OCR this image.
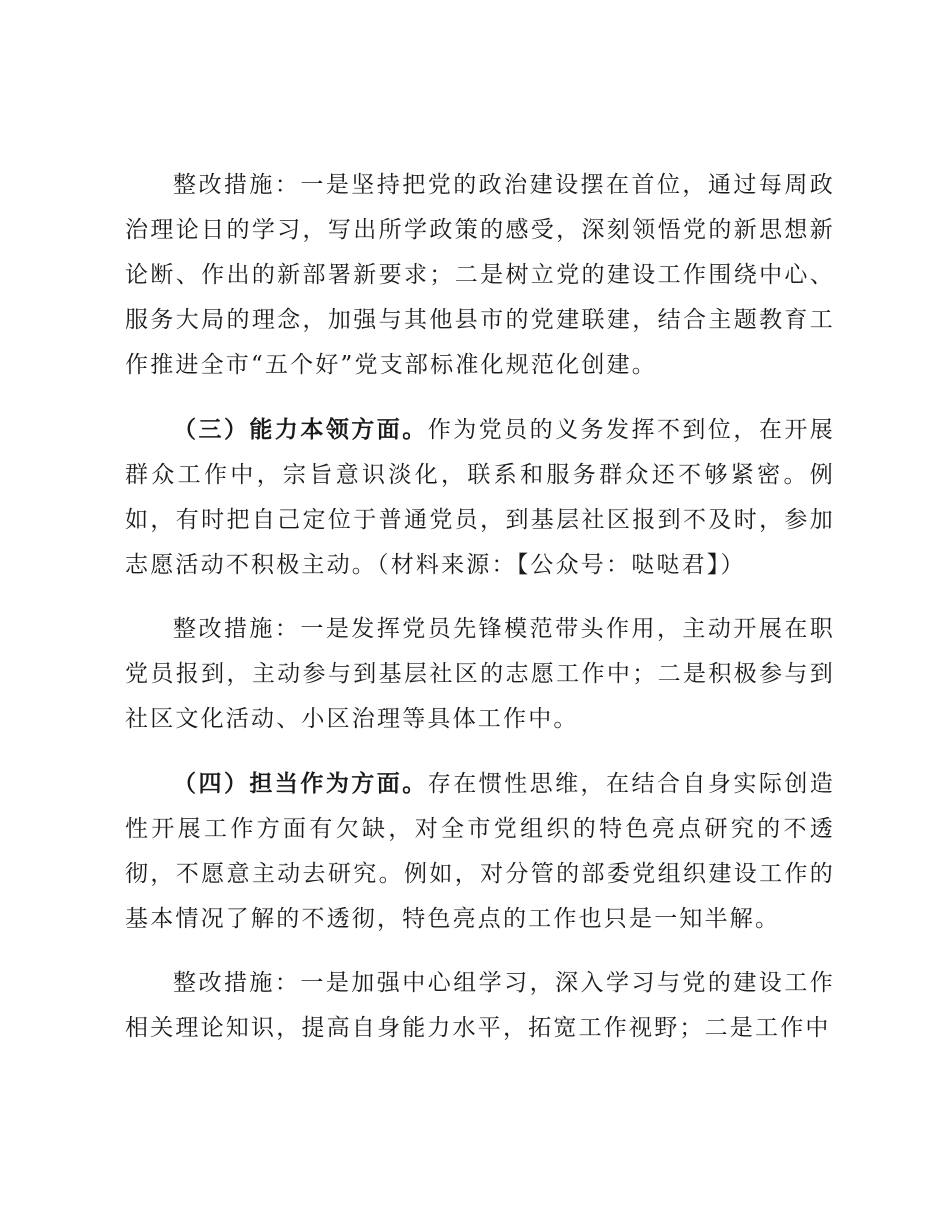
整改措施：一是坚持把党的政治建设摆在首位，通过每周政治理论日的学习，写出所学政策的感受，深刻领悟党的新思想新论断、作出的新部署新要求；二是树立党的建设工作围绕中心、服务大局的理念，加强与其他县市的党建联建，结合主题教育工作推进全市“五个好”党支部标准化规范化创建。

（三）能力本领方面。作为党员的义务发挥不到位，在开展群众工作中，宗旨意识淡化，联系和服务群众还不够紧密。例如，有时把自己定位于普通党员，到基层社区报到不及时，参加志愿活动不积极主动。（材料来源：【公众号：哒哒君】）

整改措施：一是发挥党员先锋模范带头作用，主动开展在职党员报到，主动参与到基层社区的志愿工作中；二是积极参与到社区文化活动、小区治理等具体工作中。

（四）担当作为方面。存在惯性思维，在结合自身实际创造性开展工作方面有欠缺，对全市党组织的特色亮点研究的不透彻，不愿意主动去研究。例如，对分管的部委党组织建设工作的基本情况了解的不透彻，特色亮点的工作也只是一知半解。

整改措施：一是加强中心组学习，深入学习与党的建设工作相关理论知识，提高自身能力水平，拓宽工作视野；二是工作中
